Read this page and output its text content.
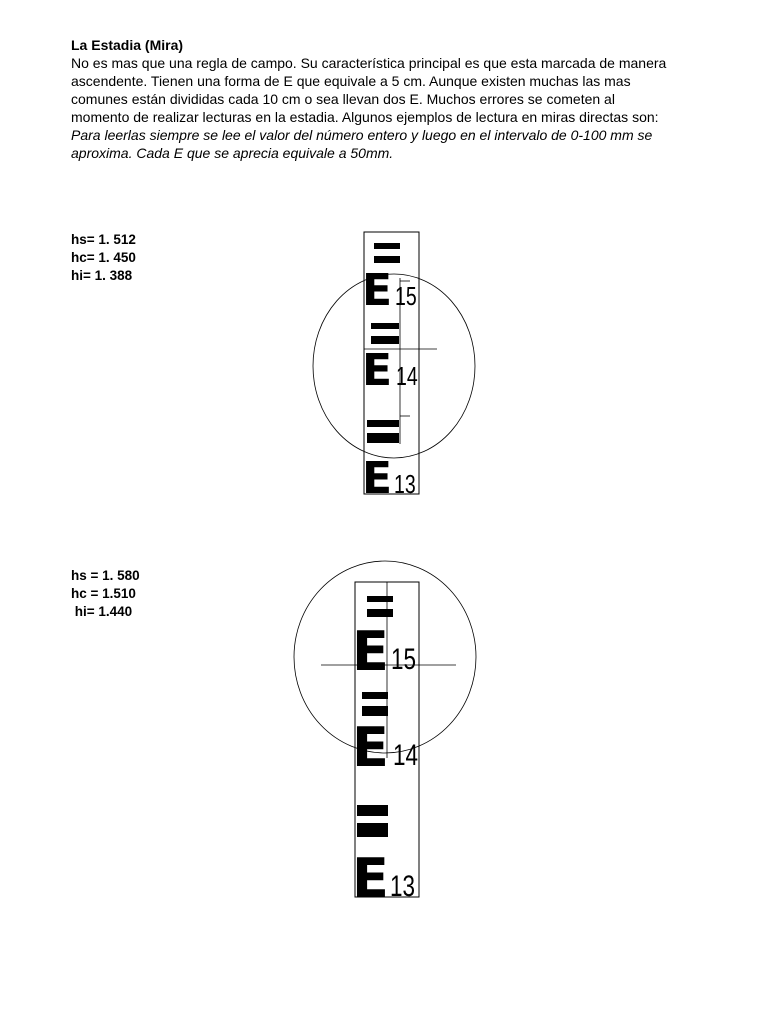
La Estadia (Mira)
No es mas que una regla de campo. Su característica principal es que esta marcada de manera ascendente. Tienen una forma de E que equivale a 5 cm. Aunque existen muchas las mas comunes están divididas cada 10 cm o sea llevan dos E. Muchos errores se cometen al momento de realizar lecturas en la estadia. Algunos ejemplos de lectura en miras directas son:
Para leerlas siempre se lee el valor del número entero y luego en el intervalo de 0-100 mm se aproxima. Cada E que se aprecia equivale a 50mm.
hs= 1. 512
hc= 1. 450
hi= 1. 388
hs = 1. 580
hc = 1.510
hi= 1.440
E 15
E 14
E 13
E 15
E 14
E 13
